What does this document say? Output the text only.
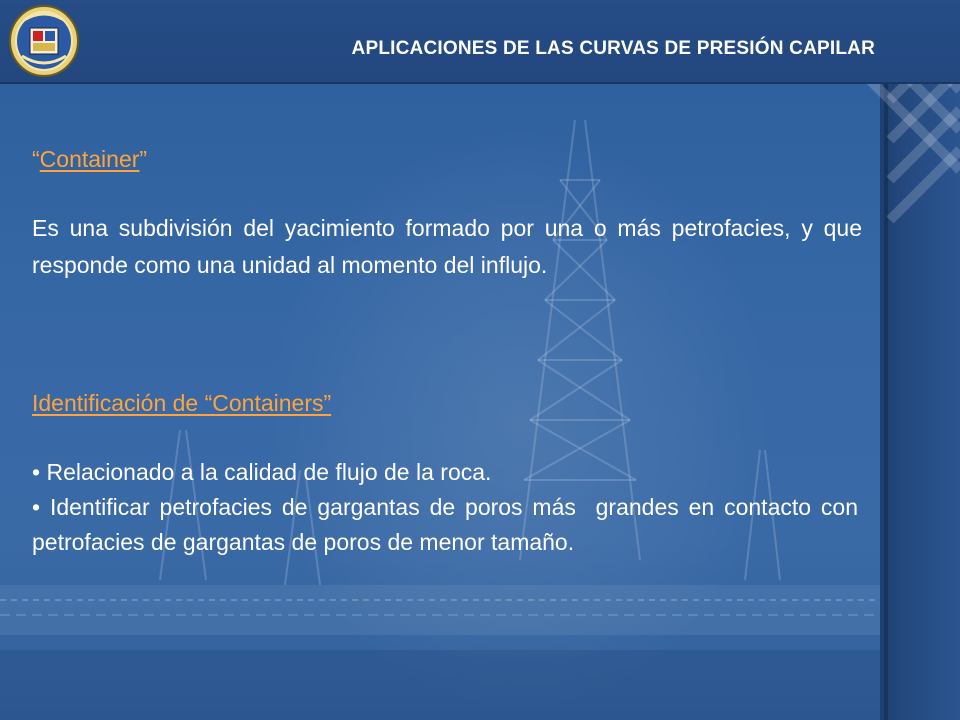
APLICACIONES DE LAS CURVAS DE PRESIÓN CAPILAR
“Container”
Es una subdivisión del yacimiento formado por una o más petrofacies, y que responde como una unidad al momento del influjo.
Identificación de “Containers”
• Relacionado a la calidad de flujo de la roca.
• Identificar petrofacies de gargantas de poros más  grandes en contacto con petrofacies de gargantas de poros de menor tamaño.
